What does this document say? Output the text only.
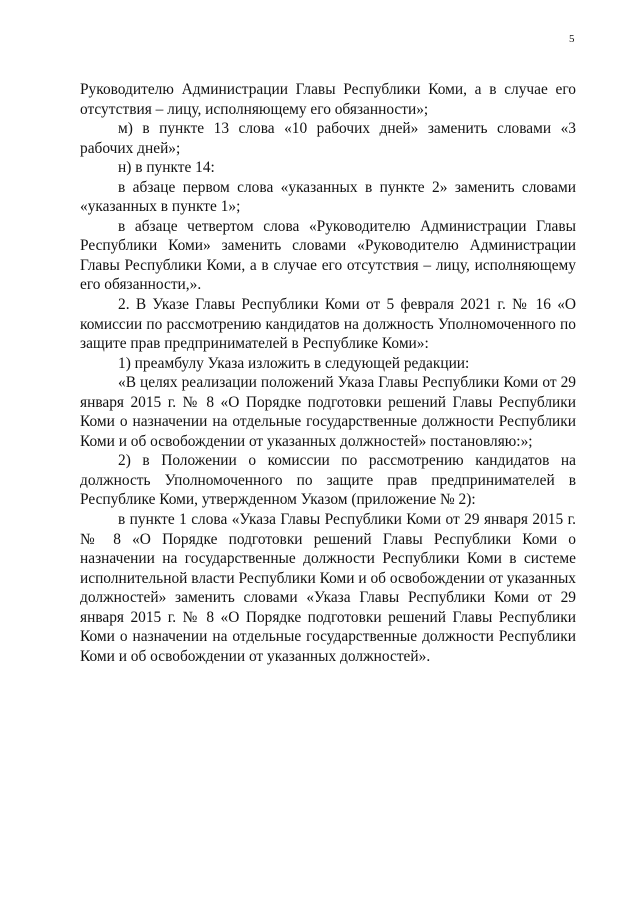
5

Руководителю Администрации Главы Республики Коми, а в случае его отсутствия – лицу, исполняющему его обязанности»;

м) в пункте 13 слова «10 рабочих дней» заменить словами «3 рабочих дней»;

н) в пункте 14:

в абзаце первом слова «указанных в пункте 2» заменить словами «указанных в пункте 1»;

в абзаце четвертом слова «Руководителю Администрации Главы Республики Коми» заменить словами «Руководителю Администрации Главы Республики Коми, а в случае его отсутствия – лицу, исполняющему его обязанности,».

2. В Указе Главы Республики Коми от 5 февраля 2021 г. № 16 «О комиссии по рассмотрению кандидатов на должность Уполномоченного по защите прав предпринимателей в Республике Коми»:

1) преамбулу Указа изложить в следующей редакции:

«В целях реализации положений Указа Главы Республики Коми от 29 января 2015 г. № 8 «О Порядке подготовки решений Главы Республики Коми о назначении на отдельные государственные должности Республики Коми и об освобождении от указанных должностей» постановляю:»;

2) в Положении о комиссии по рассмотрению кандидатов на должность Уполномоченного по защите прав предпринимателей в Республике Коми, утвержденном Указом (приложение № 2):

в пункте 1 слова «Указа Главы Республики Коми от 29 января 2015 г. № 8 «О Порядке подготовки решений Главы Республики Коми о назначении на государственные должности Республики Коми в системе исполнительной власти Республики Коми и об освобождении от указанных должностей» заменить словами «Указа Главы Республики Коми от 29 января 2015 г. № 8 «О Порядке подготовки решений Главы Республики Коми о назначении на отдельные государственные должности Республики Коми и об освобождении от указанных должностей».
